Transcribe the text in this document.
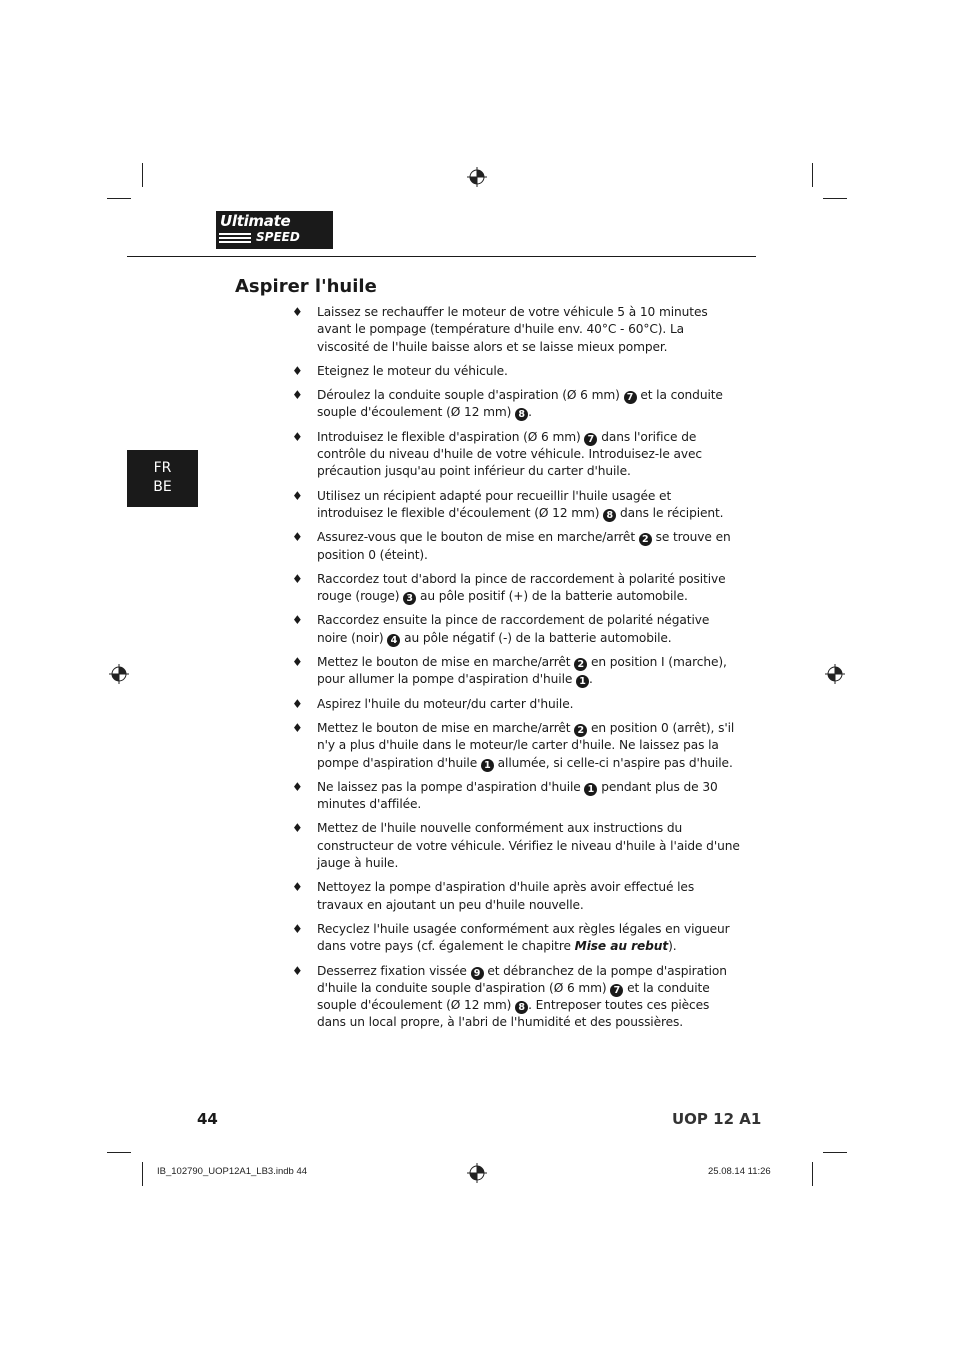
Ultimate
SPEED
Aspirer l'huile
FR
BE
♦ Laissez se rechauffer le moteur de votre véhicule 5 à 10 minutes avant le pompage (température d'huile env. 40°C - 60°C). La viscosité de l'huile baisse alors et se laisse mieux pomper.
♦ Eteignez le moteur du véhicule.
♦ Déroulez la conduite souple d'aspiration (Ø 6 mm) 7 et la conduite souple d'écoulement (Ø 12 mm) 8 .
♦ Introduisez le flexible d'aspiration (Ø 6 mm) 7 dans l'orifice de contrôle du niveau d'huile de votre véhicule. Introduisez-le avec précaution jusqu'au point inférieur du carter d'huile.
♦ Utilisez un récipient adapté pour recueillir l'huile usagée et introduisez le flexible d'écoulement (Ø 12 mm) 8 dans le récipient.
♦ Assurez-vous que le bouton de mise en marche/arrêt 2 se trouve en position 0 (éteint).
♦ Raccordez tout d'abord la pince de raccordement à polarité positive rouge (rouge) 3 au pôle positif (+) de la batterie automobile.
♦ Raccordez ensuite la pince de raccordement de polarité négative noire (noir) 4 au pôle négatif (-) de la batterie automobile.
♦ Mettez le bouton de mise en marche/arrêt 2 en position I (marche), pour allumer la pompe d'aspiration d'huile 1 .
♦ Aspirez l'huile du moteur/du carter d'huile.
♦ Mettez le bouton de mise en marche/arrêt 2 en position 0 (arrêt), s'il n'y a plus d'huile dans le moteur/le carter d'huile. Ne laissez pas la pompe d'aspiration d'huile 1 allumée, si celle-ci n'aspire pas d'huile.
♦ Ne laissez pas la pompe d'aspiration d'huile 1 pendant plus de 30 minutes d'affilée.
♦ Mettez de l'huile nouvelle conformément aux instructions du constructeur de votre véhicule. Vérifiez le niveau d'huile à l'aide d'une jauge à huile.
♦ Nettoyez la pompe d'aspiration d'huile après avoir effectué les travaux en ajoutant un peu d'huile nouvelle.
♦ Recyclez l'huile usagée conformément aux règles légales en vigueur dans votre pays (cf. également le chapitre Mise au rebut).
♦ Desserrez fixation vissée 9 et débranchez de la pompe d'aspiration d'huile la conduite souple d'aspiration (Ø 6 mm) 7 et la conduite souple d'écoulement (Ø 12 mm) 8 . Entreposer toutes ces pièces dans un local propre, à l'abri de l'humidité et des poussières.
44	UOP 12 A1
IB_102790_UOP12A1_LB3.indb 44	25.08.14 11:26
